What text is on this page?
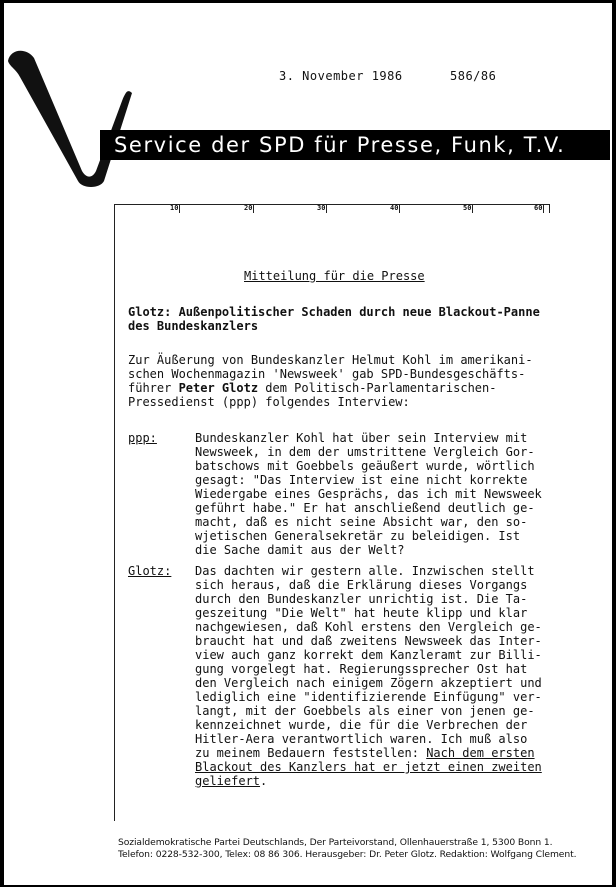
3. November 1986	586/86
Service der SPD für Presse, Funk, T.V.
10	20	30	40	50	60
Mitteilung für die Presse
Glotz: Außenpolitischer Schaden durch neue Blackout-Panne
des Bundeskanzlers
Zur Äußerung von Bundeskanzler Helmut Kohl im amerikani-
schen Wochenmagazin 'Newsweek' gab SPD-Bundesgeschäfts-
führer Peter Glotz dem Politisch-Parlamentarischen-
Pressedienst (ppp) folgendes Interview:
ppp:	Bundeskanzler Kohl hat über sein Interview mit
Newsweek, in dem der umstrittene Vergleich Gor-
batschows mit Goebbels geäußert wurde, wörtlich
gesagt: "Das Interview ist eine nicht korrekte
Wiedergabe eines Gesprächs, das ich mit Newsweek
geführt habe." Er hat anschließend deutlich ge-
macht, daß es nicht seine Absicht war, den so-
wjetischen Generalsekretär zu beleidigen. Ist
die Sache damit aus der Welt?
Glotz: Das dachten wir gestern alle. Inzwischen stellt
sich heraus, daß die Erklärung dieses Vorgangs
durch den Bundeskanzler unrichtig ist. Die Ta-
geszeitung "Die Welt" hat heute klipp und klar
nachgewiesen, daß Kohl erstens den Vergleich ge-
braucht hat und daß zweitens Newsweek das Inter-
view auch ganz korrekt dem Kanzleramt zur Billi-
gung vorgelegt hat. Regierungssprecher Ost hat
den Vergleich nach einigem Zögern akzeptiert und
lediglich eine "identifizierende Einfügung" ver-
langt, mit der Goebbels als einer von jenen ge-
kennzeichnet wurde, die für die Verbrechen der
Hitler-Aera verantwortlich waren. Ich muß also
zu meinem Bedauern feststellen: Nach dem ersten
Blackout des Kanzlers hat er jetzt einen zweiten
geliefert.
Sozialdemokratische Partei Deutschlands, Der Parteivorstand, Ollenhauerstraße 1, 5300 Bonn 1.
Telefon: 0228-532-300, Telex: 08 86 306. Herausgeber: Dr. Peter Glotz. Redaktion: Wolfgang Clement.
